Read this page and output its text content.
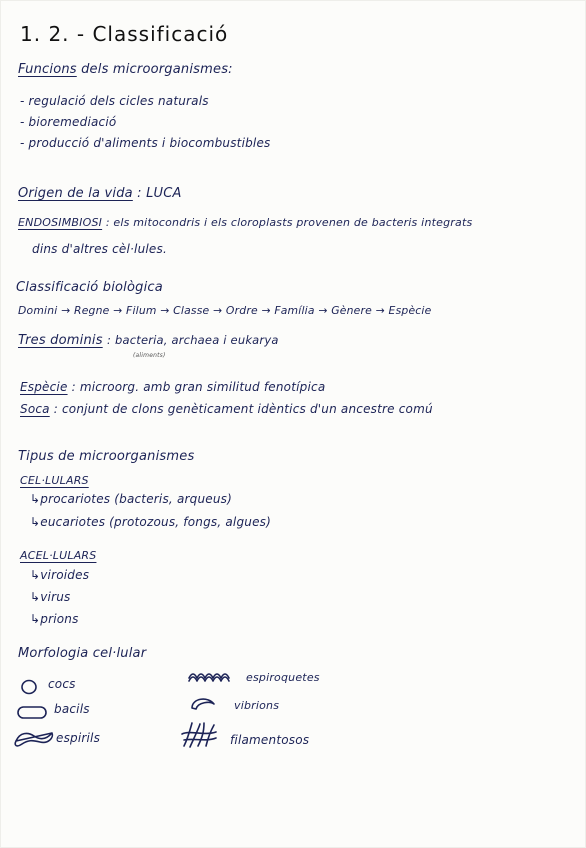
1. 2. - Classificació
Funcions dels microorganismes:
- regulació dels cicles naturals
- bioremediació
- producció d'aliments i biocombustibles
Origen de la vida : LUCA
ENDOSIMBIOSI : els mitocondris i els cloroplasts provenen de bacteris integrats
dins d'altres cèl·lules.
Classificació biològica
Domini → Regne → Filum → Classe → Ordre → Família → Gènere → Espècie
Tres dominis : bacteria, archaea i eukarya
(aliments)
Espècie : microorg. amb gran similitud fenotípica
Soca : conjunt de clons genèticament idèntics d'un ancestre comú
Tipus de microorganismes
CEL·LULARS
↳procariotes (bacteris, arqueus)
↳eucariotes (protozous, fongs, algues)
ACEL·LULARS
↳viroides
↳virus
↳prions
Morfologia cel·lular
cocs
bacils
espirils
espiroquetes
vibrions
filamentosos
